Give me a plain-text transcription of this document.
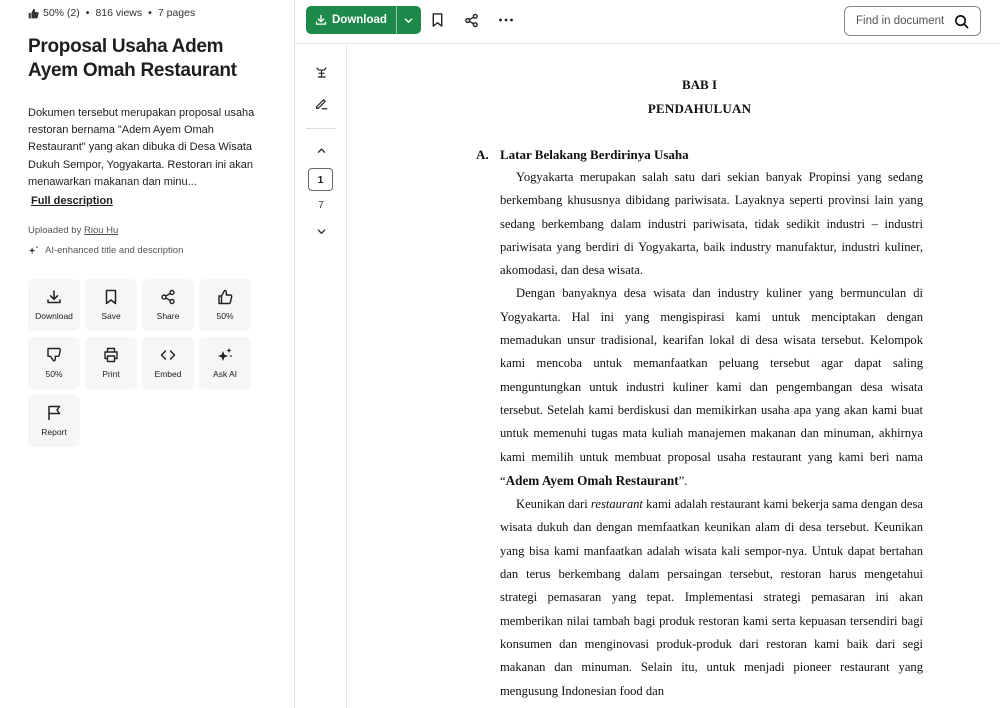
50% (2) • 816 views • 7 pages
Proposal Usaha Adem Ayem Omah Restaurant

Dokumen tersebut merupakan proposal usaha restoran bernama "Adem Ayem Omah Restaurant" yang akan dibuka di Desa Wisata Dukuh Sempor, Yogyakarta. Restoran ini akan menawarkan makanan dan minu...

Full description
Uploaded by Riou Hu
AI-enhanced title and description
Download	Save	Share	50%
50%	Print	Embed	Ask AI
Report
Download
Find in document
1
7
BAB I
PENDAHULUAN
A. Latar Belakang Berdirinya Usaha

Yogyakarta merupakan salah satu dari sekian banyak Propinsi yang sedang berkembang khususnya dibidang pariwisata. Layaknya seperti provinsi lain yang sedang berkembang dalam industri pariwisata, tidak sedikit industri – industri pariwisata yang berdiri di Yogyakarta, baik industry manufaktur, industri kuliner, akomodasi, dan desa wisata.

Dengan banyaknya desa wisata dan industry kuliner yang bermunculan di Yogyakarta. Hal ini yang mengispirasi kami untuk menciptakan dengan memadukan unsur tradisional, kearifan lokal di desa wisata tersebut. Kelompok kami mencoba untuk memanfaatkan peluang tersebut agar dapat saling menguntungkan untuk industri kuliner kami dan pengembangan desa wisata tersebut. Setelah kami berdiskusi dan memikirkan usaha apa yang akan kami buat untuk memenuhi tugas mata kuliah manajemen makanan dan minuman, akhirnya kami memilih untuk membuat proposal usaha restaurant yang kami beri nama “Adem Ayem Omah Restaurant”.

Keunikan dari restaurant kami adalah restaurant kami bekerja sama dengan desa wisata dukuh dan dengan memfaatkan keunikan alam di desa tersebut. Keunikan yang bisa kami manfaatkan adalah wisata kali sempor-nya. Untuk dapat bertahan dan terus berkembang dalam persaingan tersebut, restoran harus mengetahui strategi pemasaran yang tepat. Implementasi strategi pemasaran ini akan memberikan nilai tambah bagi produk restoran kami serta kepuasan tersendiri bagi konsumen dan menginovasi produk-produk dari restoran kami baik dari segi makanan dan minuman. Selain itu, untuk menjadi pioneer restaurant yang mengusung Indonesian food dan
